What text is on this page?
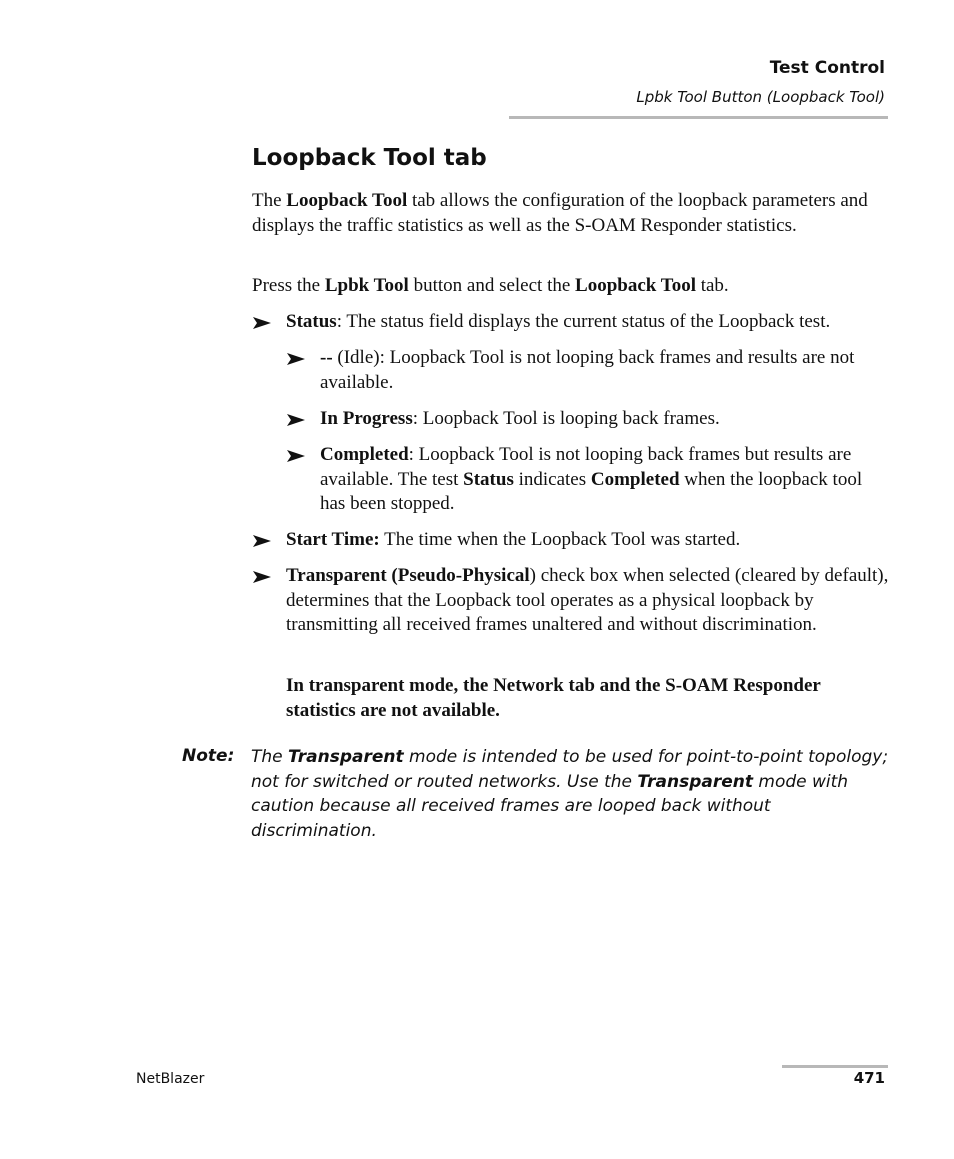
Test Control
Lpbk Tool Button (Loopback Tool)
Loopback Tool tab

The Loopback Tool tab allows the configuration of the loopback parameters and displays the traffic statistics as well as the S-OAM Responder statistics.

Press the Lpbk Tool button and select the Loopback Tool tab.

Status: The status field displays the current status of the Loopback test.

-- (Idle): Loopback Tool is not looping back frames and results are not available.

In Progress: Loopback Tool is looping back frames.

Completed: Loopback Tool is not looping back frames but results are available. The test Status indicates Completed when the loopback tool has been stopped.

Start Time: The time when the Loopback Tool was started.

Transparent (Pseudo-Physical) check box when selected (cleared by default), determines that the Loopback tool operates as a physical loopback by transmitting all received frames unaltered and without discrimination.

In transparent mode, the Network tab and the S-OAM Responder statistics are not available.

Note: The Transparent mode is intended to be used for point-to-point topology; not for switched or routed networks. Use the Transparent mode with caution because all received frames are looped back without discrimination.

NetBlazer	471
